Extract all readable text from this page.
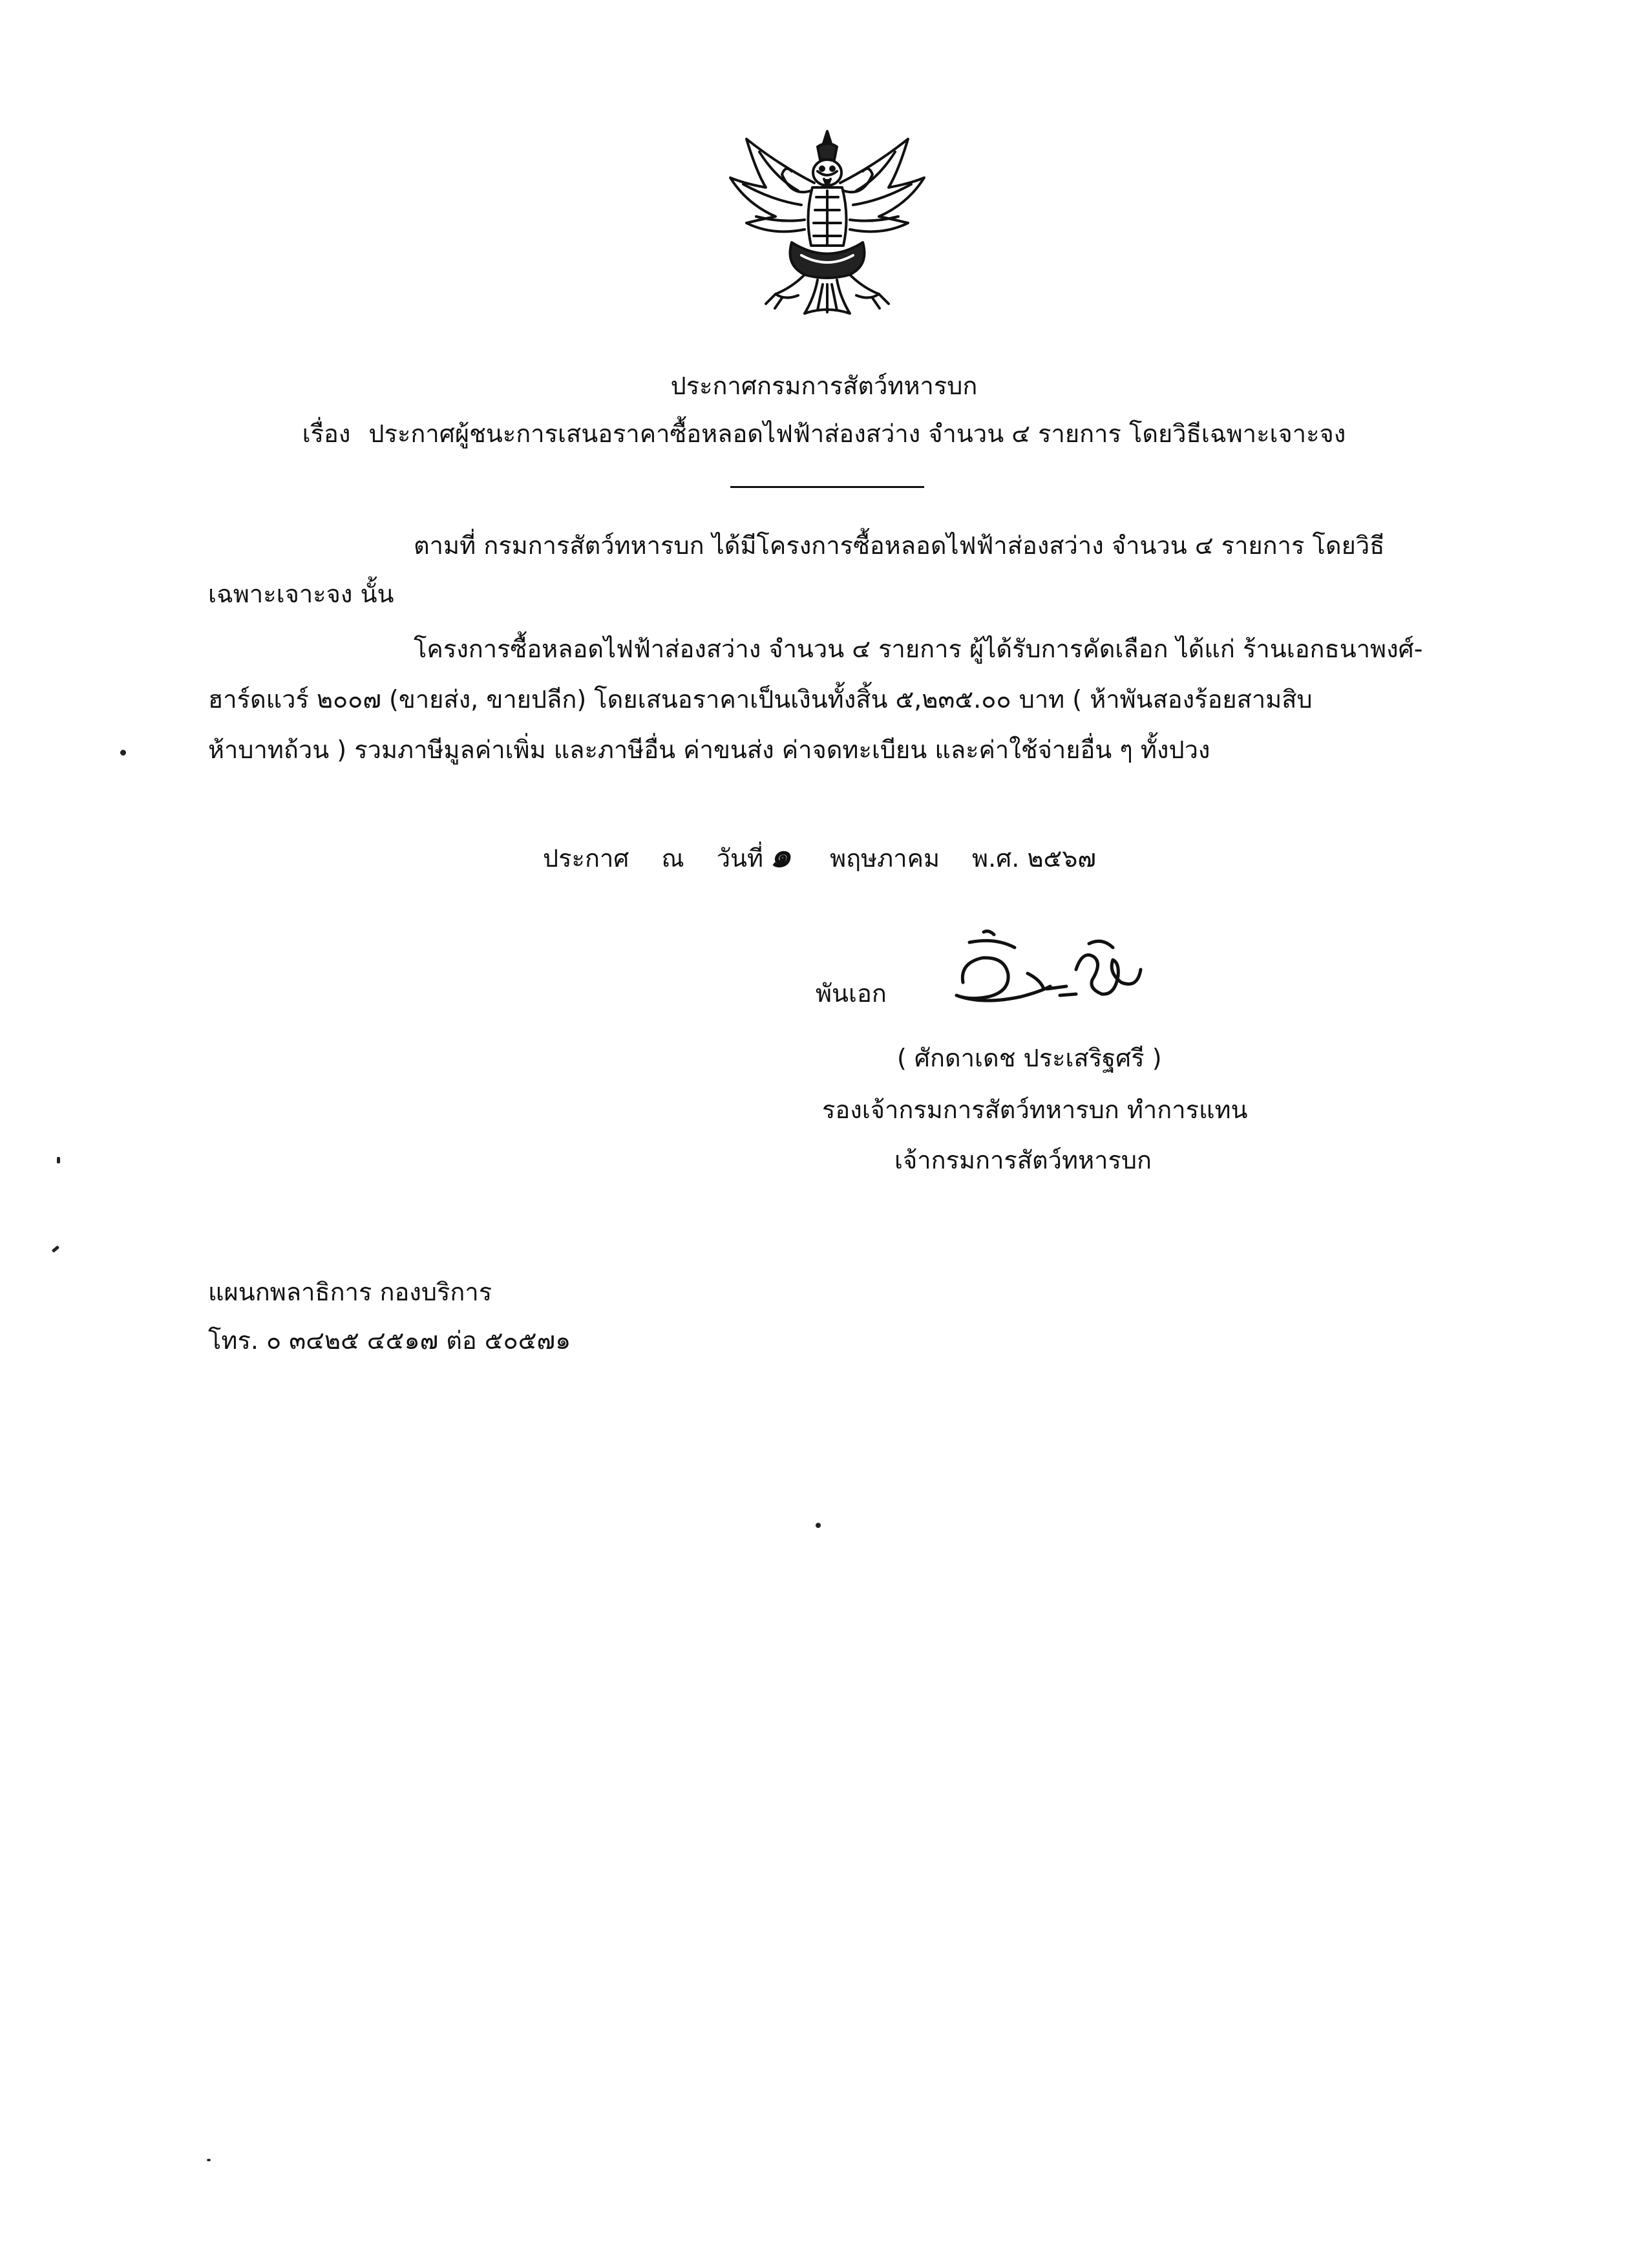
ประกาศกรมการสัตว์ทหารบก
เรื่อง ประกาศผู้ชนะการเสนอราคาซื้อหลอดไฟฟ้าส่องสว่าง จำนวน ๔ รายการ โดยวิธีเฉพาะเจาะจง
ตามที่ กรมการสัตว์ทหารบก ได้มีโครงการซื้อหลอดไฟฟ้าส่องสว่าง จำนวน ๔ รายการ โดยวิธี
เฉพาะเจาะจง นั้น
โครงการซื้อหลอดไฟฟ้าส่องสว่าง จำนวน ๔ รายการ ผู้ได้รับการคัดเลือก ได้แก่ ร้านเอกธนาพงศ์-
ฮาร์ดแวร์ ๒๐๐๗ (ขายส่ง, ขายปลีก) โดยเสนอราคาเป็นเงินทั้งสิ้น ๕,๒๓๕.๐๐ บาท ( ห้าพันสองร้อยสามสิบ
ห้าบาทถ้วน ) รวมภาษีมูลค่าเพิ่ม และภาษีอื่น ค่าขนส่ง ค่าจดทะเบียน และค่าใช้จ่ายอื่น ๆ ทั้งปวง
ประกาศ ณ วันที่ ๑ พฤษภาคม พ.ศ. ๒๕๖๗
พันเอก
( ศักดาเดช ประเสริฐศรี )
รองเจ้ากรมการสัตว์ทหารบก ทำการแทน
เจ้ากรมการสัตว์ทหารบก
แผนกพลาธิการ กองบริการ
โทร. ๐ ๓๔๒๕ ๔๕๑๗ ต่อ ๕๐๕๗๑
